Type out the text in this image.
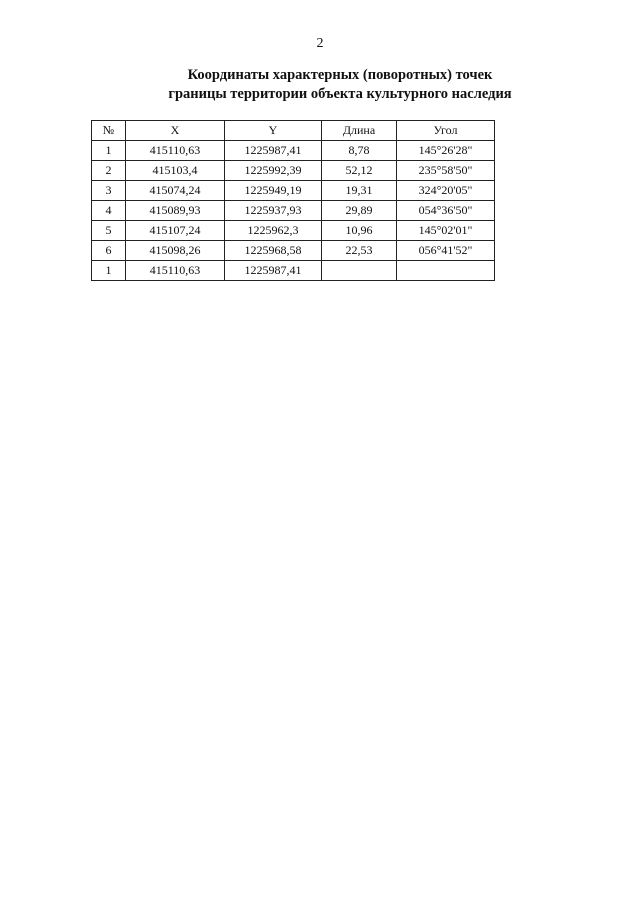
2
Координаты характерных (поворотных) точек
границы территории объекта культурного наследия
№	X	Y	Длина	Угол
1	415110,63	1225987,41	8,78	145°26'28"
2	415103,4	1225992,39	52,12	235°58'50"
3	415074,24	1225949,19	19,31	324°20'05"
4	415089,93	1225937,93	29,89	054°36'50"
5	415107,24	1225962,3	10,96	145°02'01"
6	415098,26	1225968,58	22,53	056°41'52"
1	415110,63	1225987,41		
